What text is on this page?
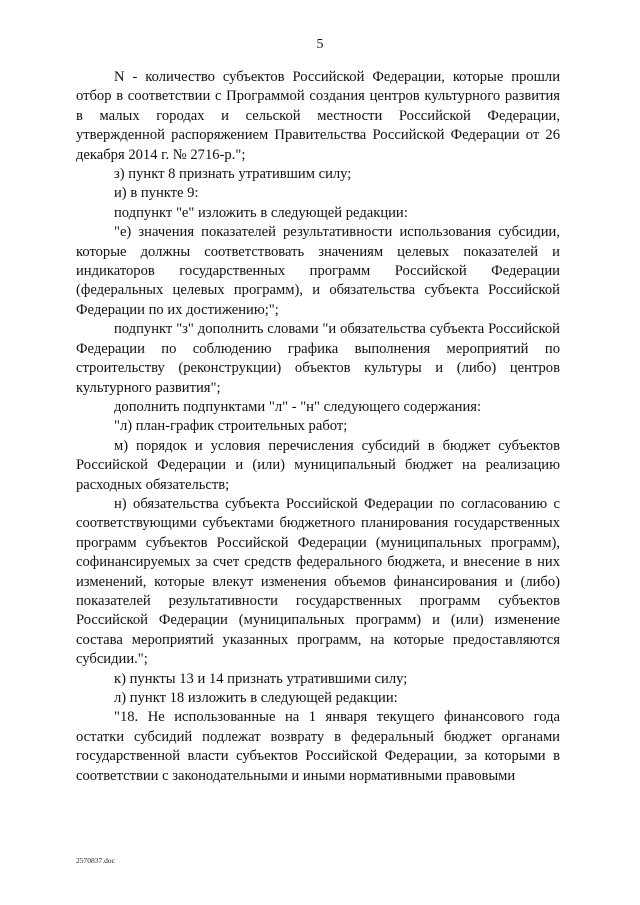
5

N - количество субъектов Российской Федерации, которые прошли отбор в соответствии с Программой создания центров культурного развития в малых городах и сельской местности Российской Федерации, утвержденной распоряжением Правительства Российской Федерации от 26 декабря 2014 г. № 2716-р.";

з) пункт 8 признать утратившим силу;

и) в пункте 9:

подпункт "е" изложить в следующей редакции:

"е) значения показателей результативности использования субсидии, которые должны соответствовать значениям целевых показателей и индикаторов государственных программ Российской Федерации (федеральных целевых программ), и обязательства субъекта Российской Федерации по их достижению;";

подпункт "з" дополнить словами "и обязательства субъекта Российской Федерации по соблюдению графика выполнения мероприятий по строительству (реконструкции) объектов культуры и (либо) центров культурного развития";

дополнить подпунктами "л" - "н" следующего содержания:

"л) план-график строительных работ;

м) порядок и условия перечисления субсидий в бюджет субъектов Российской Федерации и (или) муниципальный бюджет на реализацию расходных обязательств;

н) обязательства субъекта Российской Федерации по согласованию с соответствующими субъектами бюджетного планирования государственных программ субъектов Российской Федерации (муниципальных программ), софинансируемых за счет средств федерального бюджета, и внесение в них изменений, которые влекут изменения объемов финансирования и (либо) показателей результативности государственных программ субъектов Российской Федерации (муниципальных программ) и (или) изменение состава мероприятий указанных программ, на которые предоставляются субсидии.";

к) пункты 13 и 14 признать утратившими силу;

л) пункт 18 изложить в следующей редакции:

"18. Не использованные на 1 января текущего финансового года остатки субсидий подлежат возврату в федеральный бюджет органами государственной власти субъектов Российской Федерации, за которыми в соответствии с законодательными и иными нормативными правовыми

2570837.doc
